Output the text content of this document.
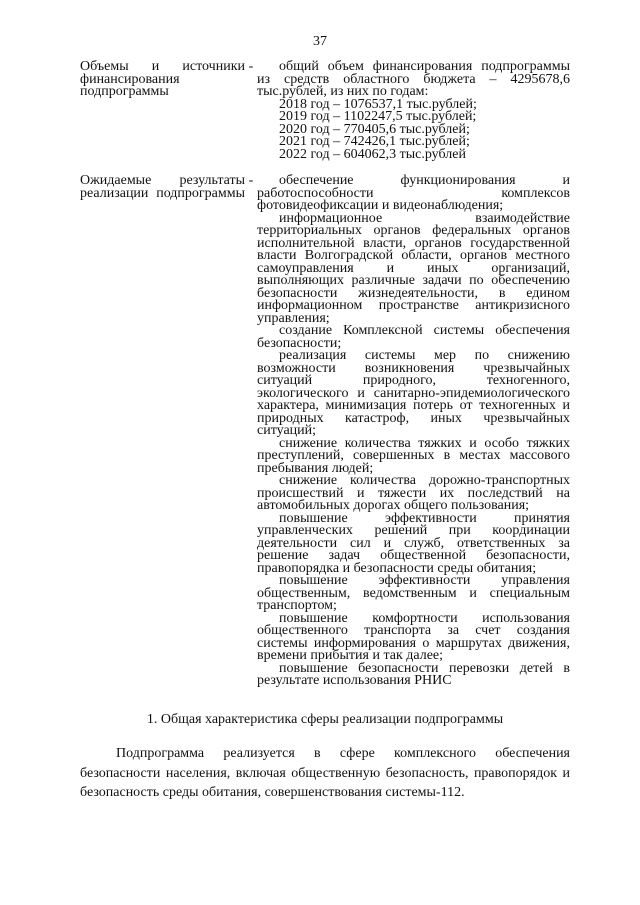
37
Объемы и источники финансирования подпрограммы
-	общий объем финансирования подпрограммы из средств областного бюджета – 4295678,6 тыс.рублей, из них по годам:

2018 год – 1076537,1 тыс.рублей;

2019 год – 1102247,5 тыс.рублей;

2020 год – 770405,6 тыс.рублей;

2021 год – 742426,1 тыс.рублей;

2022 год – 604062,3 тыс.рублей

Ожидаемые результаты реализации подпрограммы
-	обеспечение функционирования и работоспособности комплексов фотовидеофиксации и видеонаблюдения;

информационное взаимодействие территориальных органов федеральных органов исполнительной власти, органов государственной власти Волгоградской области, органов местного самоуправления и иных организаций, выполняющих различные задачи по обеспечению безопасности жизнедеятельности, в едином информационном пространстве антикризисного управления;

создание Комплексной системы обеспечения безопасности;

реализация системы мер по снижению возможности возникновения чрезвычайных ситуаций природного, техногенного, экологического и санитарно-эпидемиологического характера, минимизация потерь от техногенных и природных катастроф, иных чрезвычайных ситуаций;

снижение количества тяжких и особо тяжких преступлений, совершенных в местах массового пребывания людей;

снижение количества дорожно-транспортных происшествий и тяжести их последствий на автомобильных дорогах общего пользования;

повышение эффективности принятия управленческих решений при координации деятельности сил и служб, ответственных за решение задач общественной безопасности, правопорядка и безопасности среды обитания;

повышение эффективности управления общественным, ведомственным и специальным транспортом;

повышение комфортности использования общественного транспорта за счет создания системы информирования о маршрутах движения, времени прибытия и так далее;

повышение безопасности перевозки детей в результате использования РНИС

1. Общая характеристика сферы реализации подпрограммы

Подпрограмма реализуется в сфере комплексного обеспечения безопасности населения, включая общественную безопасность, правопорядок и безопасность среды обитания, совершенствования системы-112.
